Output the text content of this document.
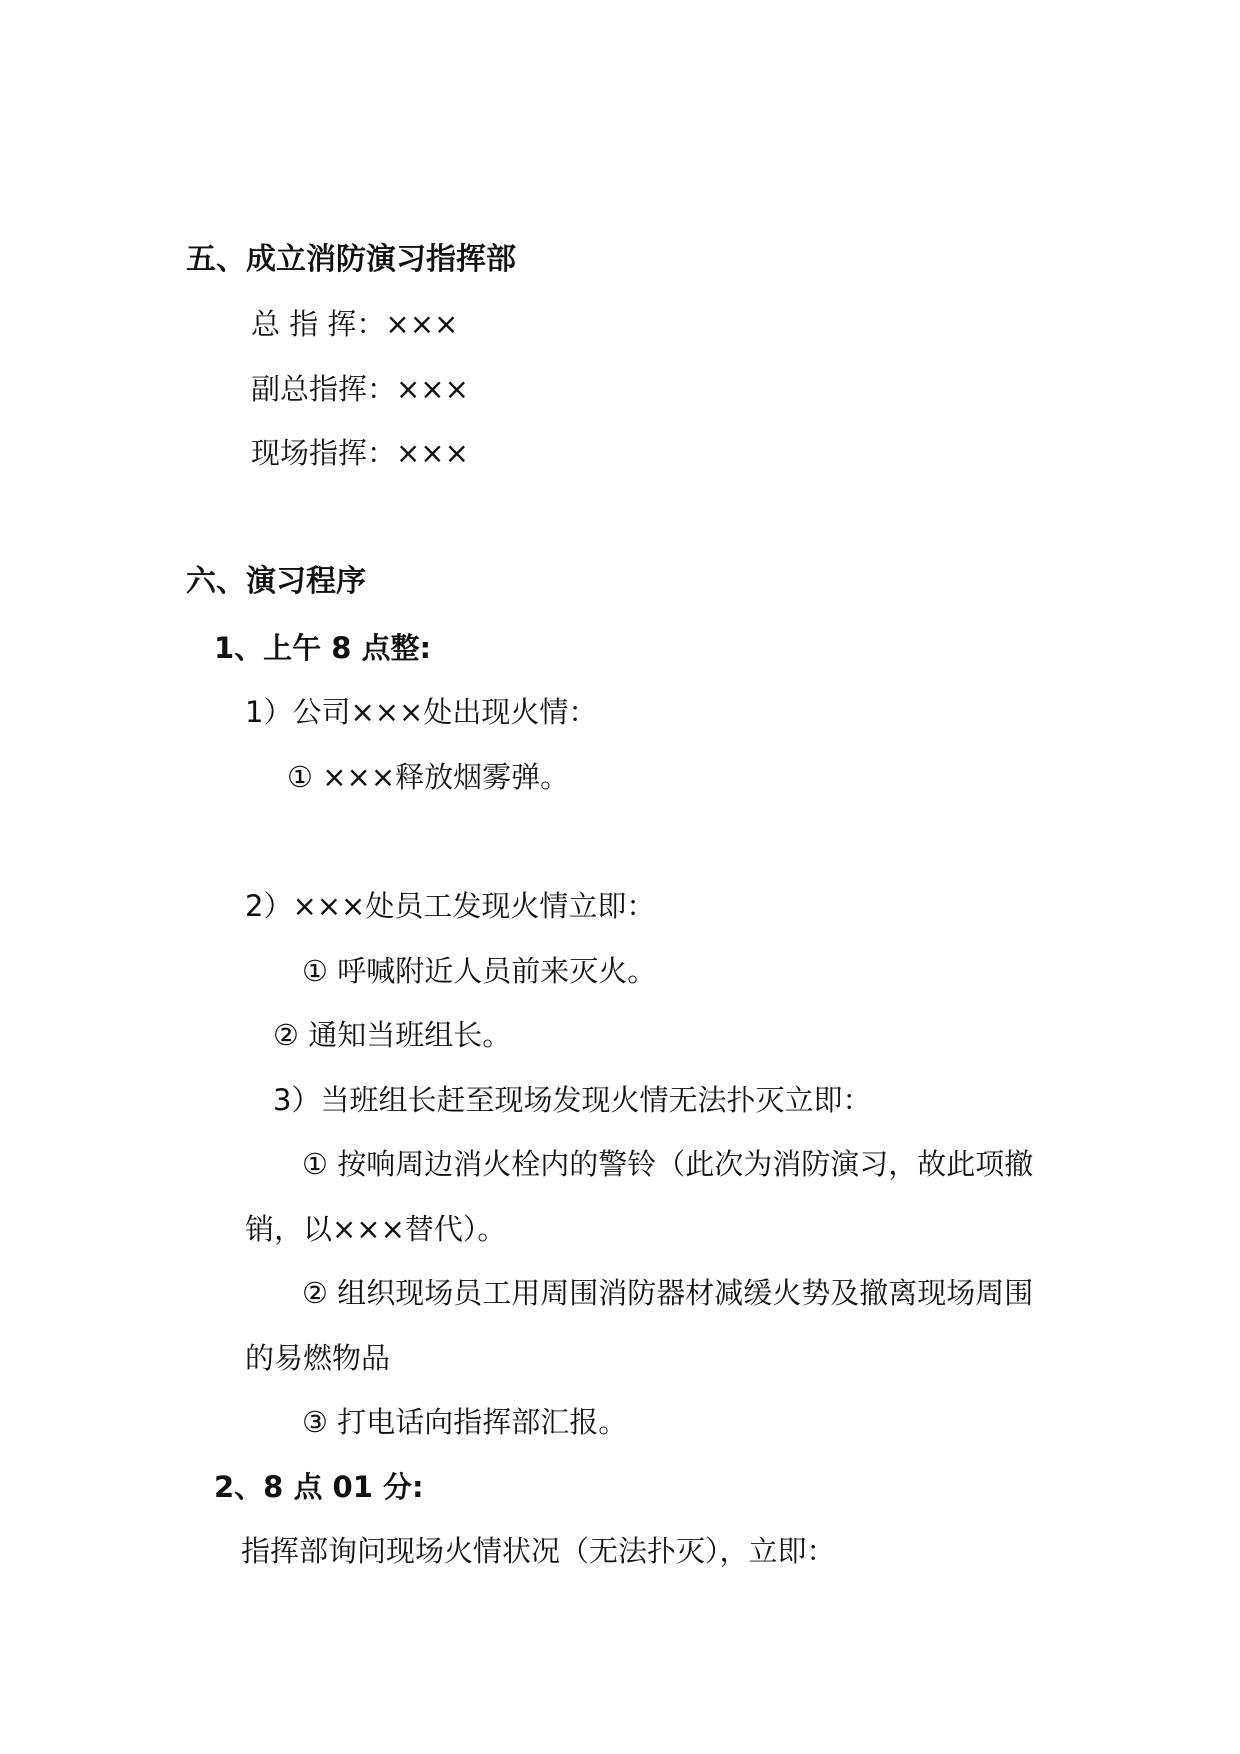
五、成立消防演习指挥部
总 指 挥：×××
副总指挥：×××
现场指挥：×××
六、演习程序
1、上午 8 点整:
1）公司×××处出现火情：
① ×××释放烟雾弹。
2）×××处员工发现火情立即：
① 呼喊附近人员前来灭火。
② 通知当班组长。
3）当班组长赶至现场发现火情无法扑灭立即：
① 按响周边消火栓内的警铃（此次为消防演习，故此项撤
销，以×××替代）。
② 组织现场员工用周围消防器材减缓火势及撤离现场周围
的易燃物品
③ 打电话向指挥部汇报。
2、8 点 01 分:
指挥部询问现场火情状况（无法扑灭），立即：
